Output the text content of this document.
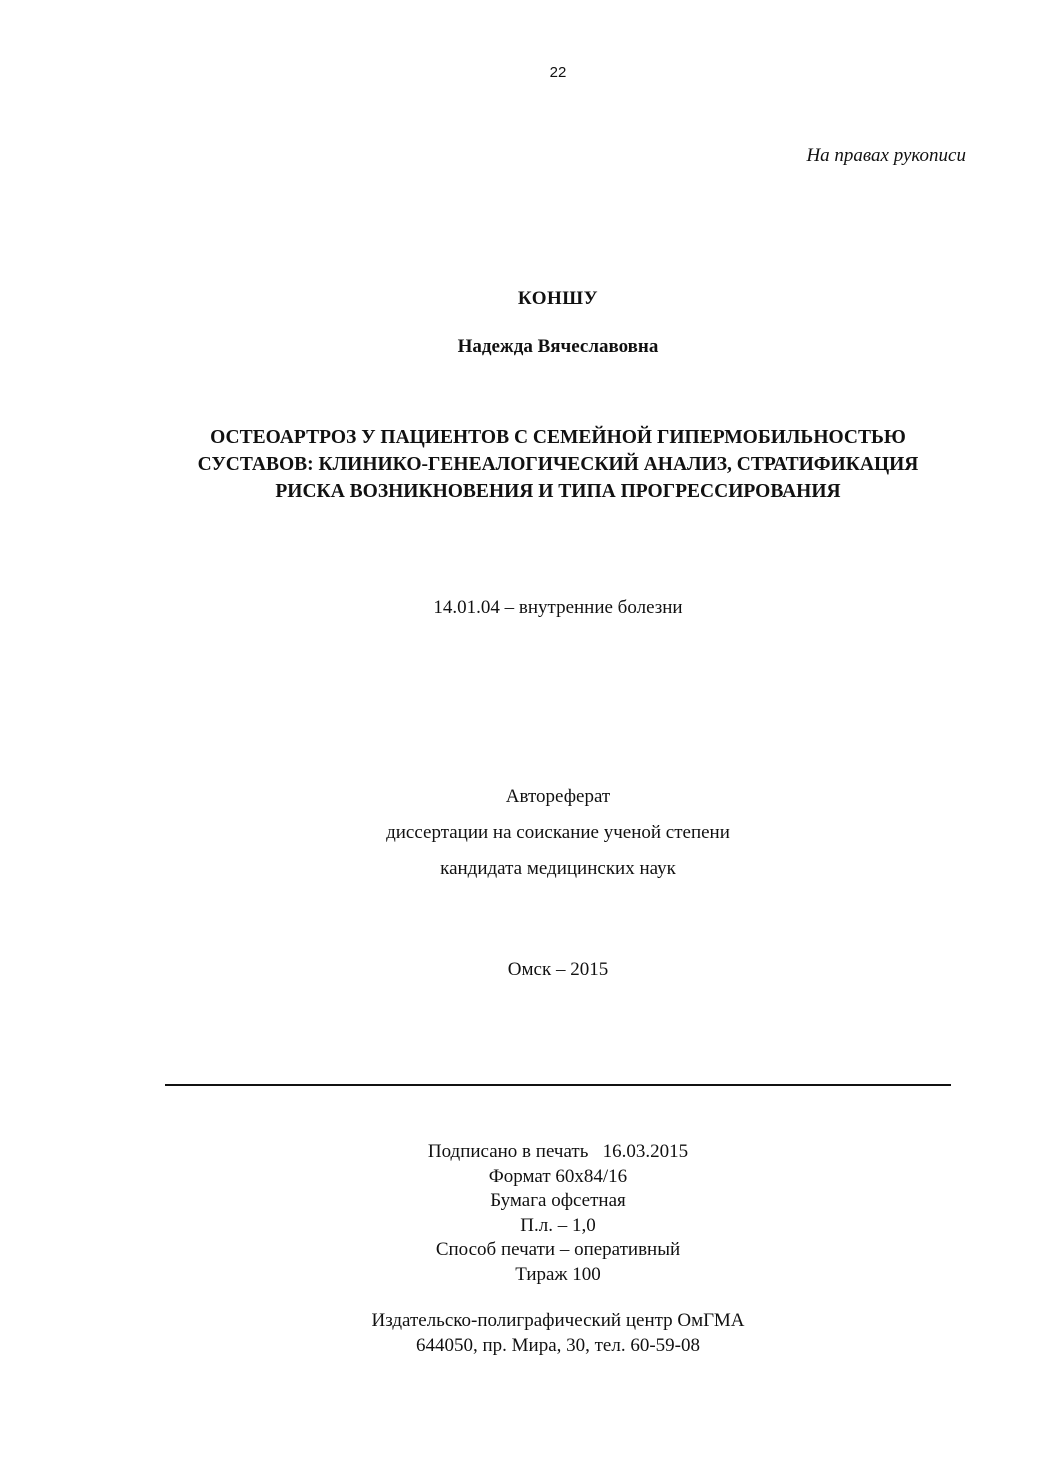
22
На правах рукописи
КОНШУ
Надежда Вячеславовна
ОСТЕОАРТРОЗ У ПАЦИЕНТОВ С СЕМЕЙНОЙ ГИПЕРМОБИЛЬНОСТЬЮ
СУСТАВОВ: КЛИНИКО-ГЕНЕАЛОГИЧЕСКИЙ АНАЛИЗ, СТРАТИФИКАЦИЯ
РИСКА ВОЗНИКНОВЕНИЯ И ТИПА ПРОГРЕССИРОВАНИЯ
14.01.04 – внутренние болезни
Автореферат
диссертации на соискание ученой степени
кандидата медицинских наук
Омск – 2015
Подписано в печать   16.03.2015
Формат 60x84/16
Бумага офсетная
П.л. – 1,0
Способ печати – оперативный
Тираж 100
Издательско-полиграфический центр ОмГМА
644050, пр. Мира, 30, тел. 60-59-08
